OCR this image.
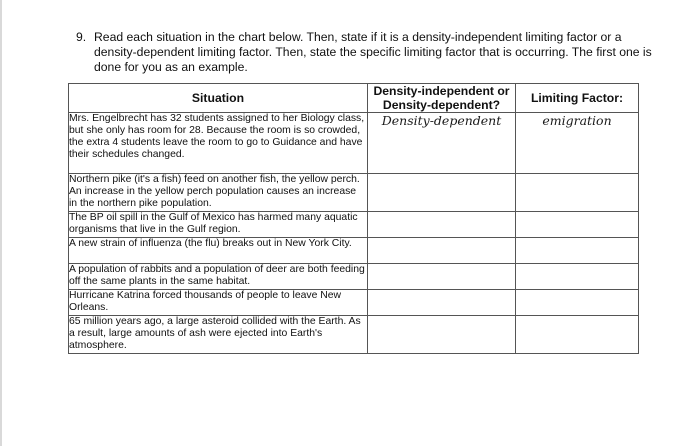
9. Read each situation in the chart below. Then, state if it is a density-independent limiting factor or a density-dependent limiting factor. Then, state the specific limiting factor that is occurring. The first one is done for you as an example.
Situation	Density-independent or Density-dependent?	Limiting Factor:
Mrs. Engelbrecht has 32 students assigned to her Biology class, but she only has room for 28. Because the room is so crowded, the extra 4 students leave the room to go to Guidance and have their schedules changed.	Density-dependent	emigration
Northern pike (it's a fish) feed on another fish, the yellow perch. An increase in the yellow perch population causes an increase in the northern pike population.		
The BP oil spill in the Gulf of Mexico has harmed many aquatic organisms that live in the Gulf region.		
A new strain of influenza (the flu) breaks out in New York City.		
A population of rabbits and a population of deer are both feeding off the same plants in the same habitat.		
Hurricane Katrina forced thousands of people to leave New Orleans.		
65 million years ago, a large asteroid collided with the Earth. As a result, large amounts of ash were ejected into Earth's atmosphere.		
